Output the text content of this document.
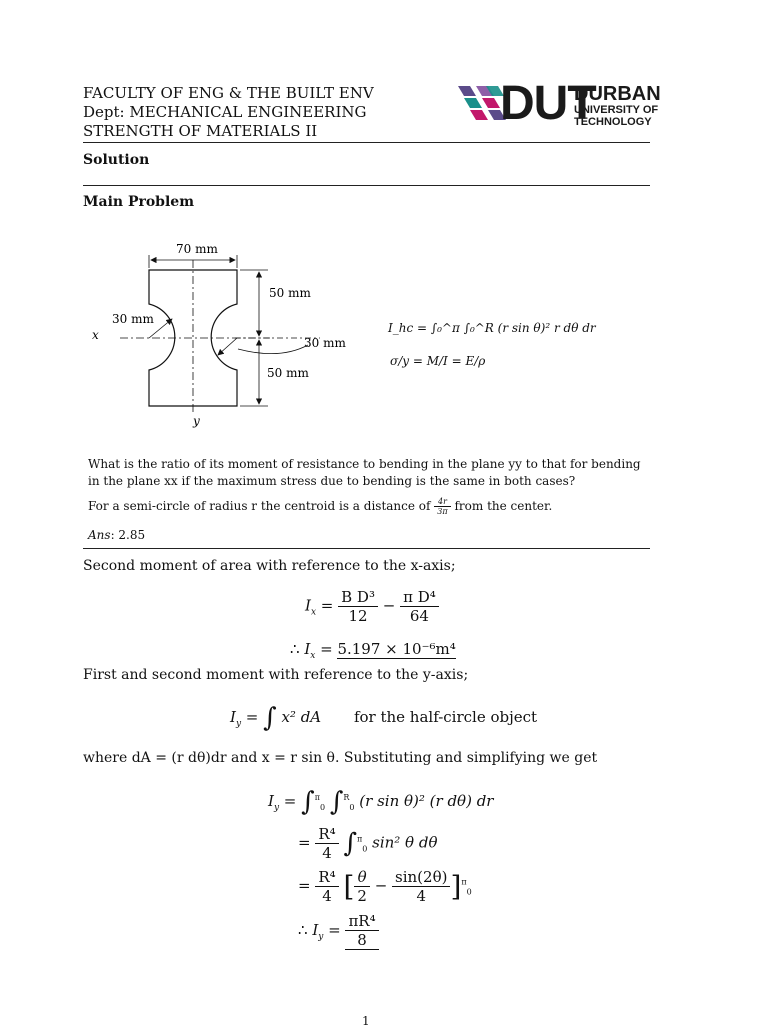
FACULTY OF ENG & THE BUILT ENV
Dept: MECHANICAL ENGINEERING
STRENGTH OF MATERIALS II
DUT
DURBAN
UNIVERSITY OF
TECHNOLOGY
Solution
Main Problem
70 mm
50 mm
50 mm
30 mm
30 mm
x
y
I_hc = ∫₀^π ∫₀^R (r sin θ)² r dθ dr
σ/y = M/I = E/ρ
What is the ratio of its moment of resistance to bending in the plane yy to that for bending
in the plane xx if the maximum stress due to bending is the same in both cases?
For a semi-circle of radius r the centroid is a distance of $\frac{4r}{3\pi}$ from the center.
Ans: 2.85
Second moment of area with reference to the x-axis;
$I_x = \frac{\text{B D³}}{12} - \frac{\text{π D⁴}}{64}$
∴ $I_x = 5.197 \times 10^{-6}m^4$
First and second moment with reference to the y-axis;
$I_y$ = ∫ x² dA for the half-circle object
where dA = (r dθ)dr and x = r sin θ. Substituting and simplifying we get
$I_y = \int^\pi_0$ ∫$^R_0$ (r sin θ)² (r dθ) dr
= $\frac{\text{R⁴}}{4} \int^\pi_0$ sin² θ dθ
= $\frac{\text{R⁴}}{4}$ [ $\frac{\theta}{2} - \frac{\sin(2\theta)}{4} ]^\pi_0$
∴ $I_y = \frac{\text{πR⁴}}{8}$
1
